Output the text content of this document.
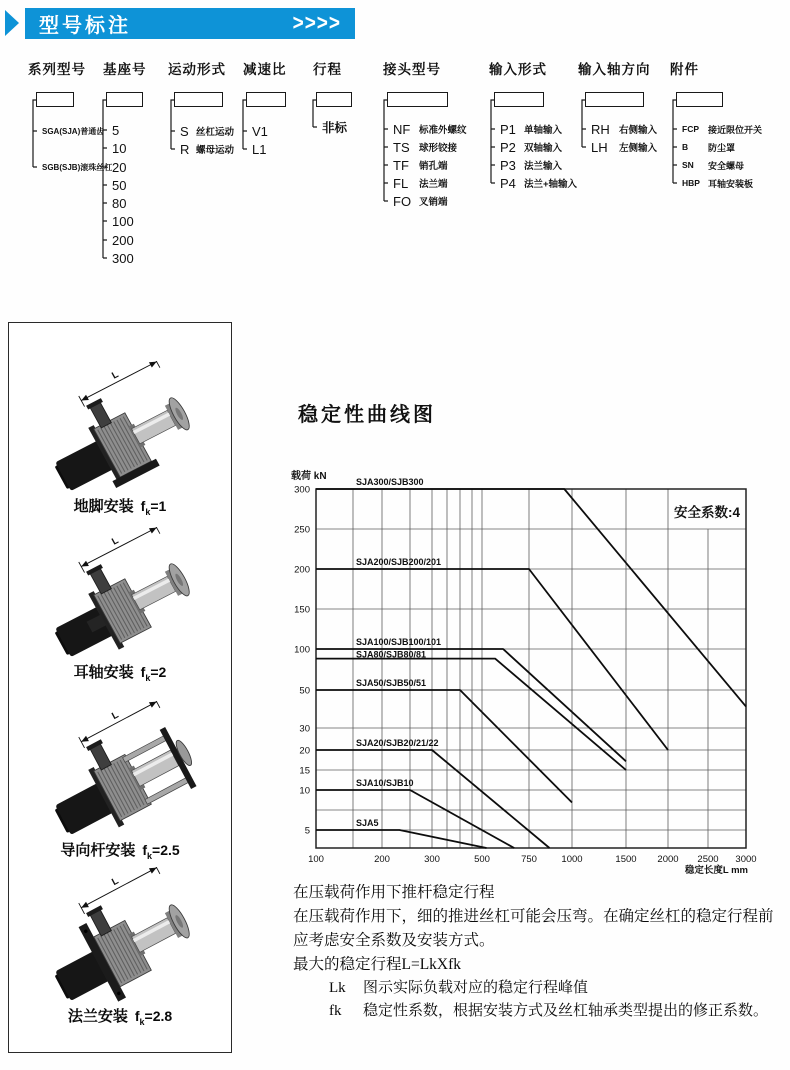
型号标注	>>>>
系列型号
SGA(SJA)普通齿
SGB(SJB)滚珠丝杠
基座号
5
10
20
50
80
100
200
300
运动形式
S 丝杠运动
R 螺母运动
减速比
V1
L1
行程
非标
接头型号
NF 标准外螺纹
TS 球形铰接
TF	销孔端
FL	法兰端
FO 叉销端
输入形式
P1 单轴输入
P2 双轴输入
P3 法兰输入
P4 法兰+轴输入
输入轴方向
RH 右侧输入
LH	左侧输入
附件
FCP	接近限位开关
B	防尘罩
SN	安全螺母
HBP 耳轴安装板
L
地脚安装 $f_k=1$
L
耳轴安装 $f_k=2$
L
导向杆安装 $f_k=2.5$
L
法兰安装 $f_k=2.8$
稳定性曲线图
SJA300/SJB300
SJA200/SJB200/201
SJA100/SJB100/101
SJA80/SJB80/81
SJA50/SJB50/51
SJA20/SJB20/21/22
SJA10/SJB10
SJA5
100	200	300	500	750	1000	1500 2000 2500 3000
300
250
200
150
100
50
30
20
15
10
5
载荷 kN
稳定长度L mm
安全系数:4
在压载荷作用下推杆稳定行程
在压载荷作用下，细的推进丝杠可能会压弯。在确定丝杠的稳定行程前
应考虑安全系数及安装方式。
最大的稳定行程L=LkXfk
Lk 图示实际负载对应的稳定行程峰值
fk 稳定性系数，根据安装方式及丝杠轴承类型提出的修正系数。
